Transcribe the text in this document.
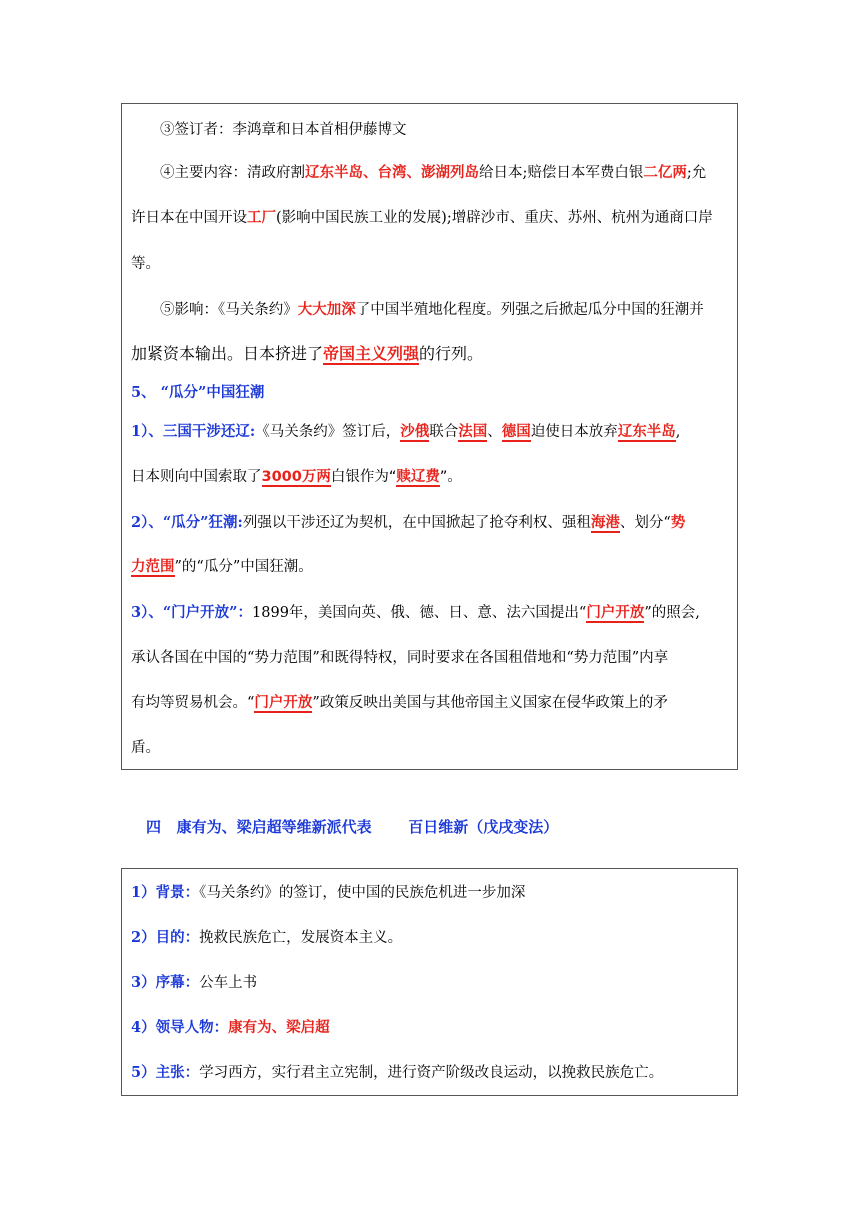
③签订者：李鸿章和日本首相伊藤博文
④主要内容：清政府割辽东半岛、台湾、澎湖列岛给日本;赔偿日本军费白银二亿两;允
许日本在中国开设工厂(影响中国民族工业的发展);增辟沙市、重庆、苏州、杭州为通商口岸
等。
⑤影响：《马关条约》大大加深了中国半殖地化程度。列强之后掀起瓜分中国的狂潮并
加紧资本输出。日本挤进了帝国主义列强的行列。
5、 “瓜分”中国狂潮
1）、三国干涉还辽:《马关条约》签订后，沙俄联合法国、德国迫使日本放弃辽东半岛,
日本则向中国索取了3000万两白银作为“赎辽费”。
2）、“瓜分”狂潮:列强以干涉还辽为契机，在中国掀起了抢夺利权、强租海港、划分“势
力范围”的“瓜分”中国狂潮。
3）、“门户开放”：1899年，美国向英、俄、德、日、意、法六国提出“门户开放”的照会,
承认各国在中国的“势力范围”和既得特权，同时要求在各国租借地和“势力范围”内享
有均等贸易机会。“门户开放”政策反映出美国与其他帝国主义国家在侵华政策上的矛
盾。
四   康有为、梁启超等维新派代表       百日维新（戊戌变法）
1）背景：《马关条约》的签订，使中国的民族危机进一步加深
2）目的：挽救民族危亡，发展资本主义。
3）序幕：公车上书
4）领导人物：康有为、梁启超
5）主张：学习西方，实行君主立宪制，进行资产阶级改良运动，以挽救民族危亡。
